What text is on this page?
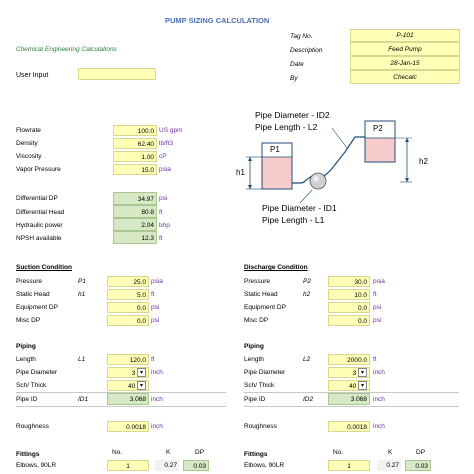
PUMP SIZING CALCULATION
Chemical Engineering Calculations
User Input
Tag No.	P-101
Description	Feed Pump
Date	28-Jan-15
By	Checalc
Flowrate	100.0 US gpm
Density	62.40 lb/ft3
Viscosity	1.00 cP
Vapor Pressure	15.0 psia
Differential DP	34.97 psi
Differential Head	80.8 ft
Hydraulic power	2.04 bhp
NPSH available	12.3 ft
Pipe Diameter - ID2
Pipe Length - L2
Pipe Diameter - ID1
Pipe Length - L1
P1
P2
h1
h2
Suction Condition
Pressure	P1	25.0 psia
Static Head	h1	5.0 ft
Equipment DP	0.0 psi
Misc DP	0.0 psi
Piping
Length	L1	120.0 ft
Pipe Diameter	3 ▾	inch
Sch/ Thick	40 ▾
Pipe ID	ID1	3.068 inch
Roughness	0.0018 inch
Fittings	No.	K	DP
Elbows, 90LR	1	0.27	0.03
Discharge Condition
Pressure	P2	30.0 psia
Static Head	h2	10.0 ft
Equipment DP	0.0 psi
Misc DP	0.0 psi
Piping
Length	L2	2000.0 ft
Pipe Diameter	3 ▾	inch
Sch/ Thick	40 ▾
Pipe ID	ID2	3.068 inch
Roughness	0.0018 inch
Fittings	No.	K	DP
Elbows, 90LR	1	0.27	0.03
